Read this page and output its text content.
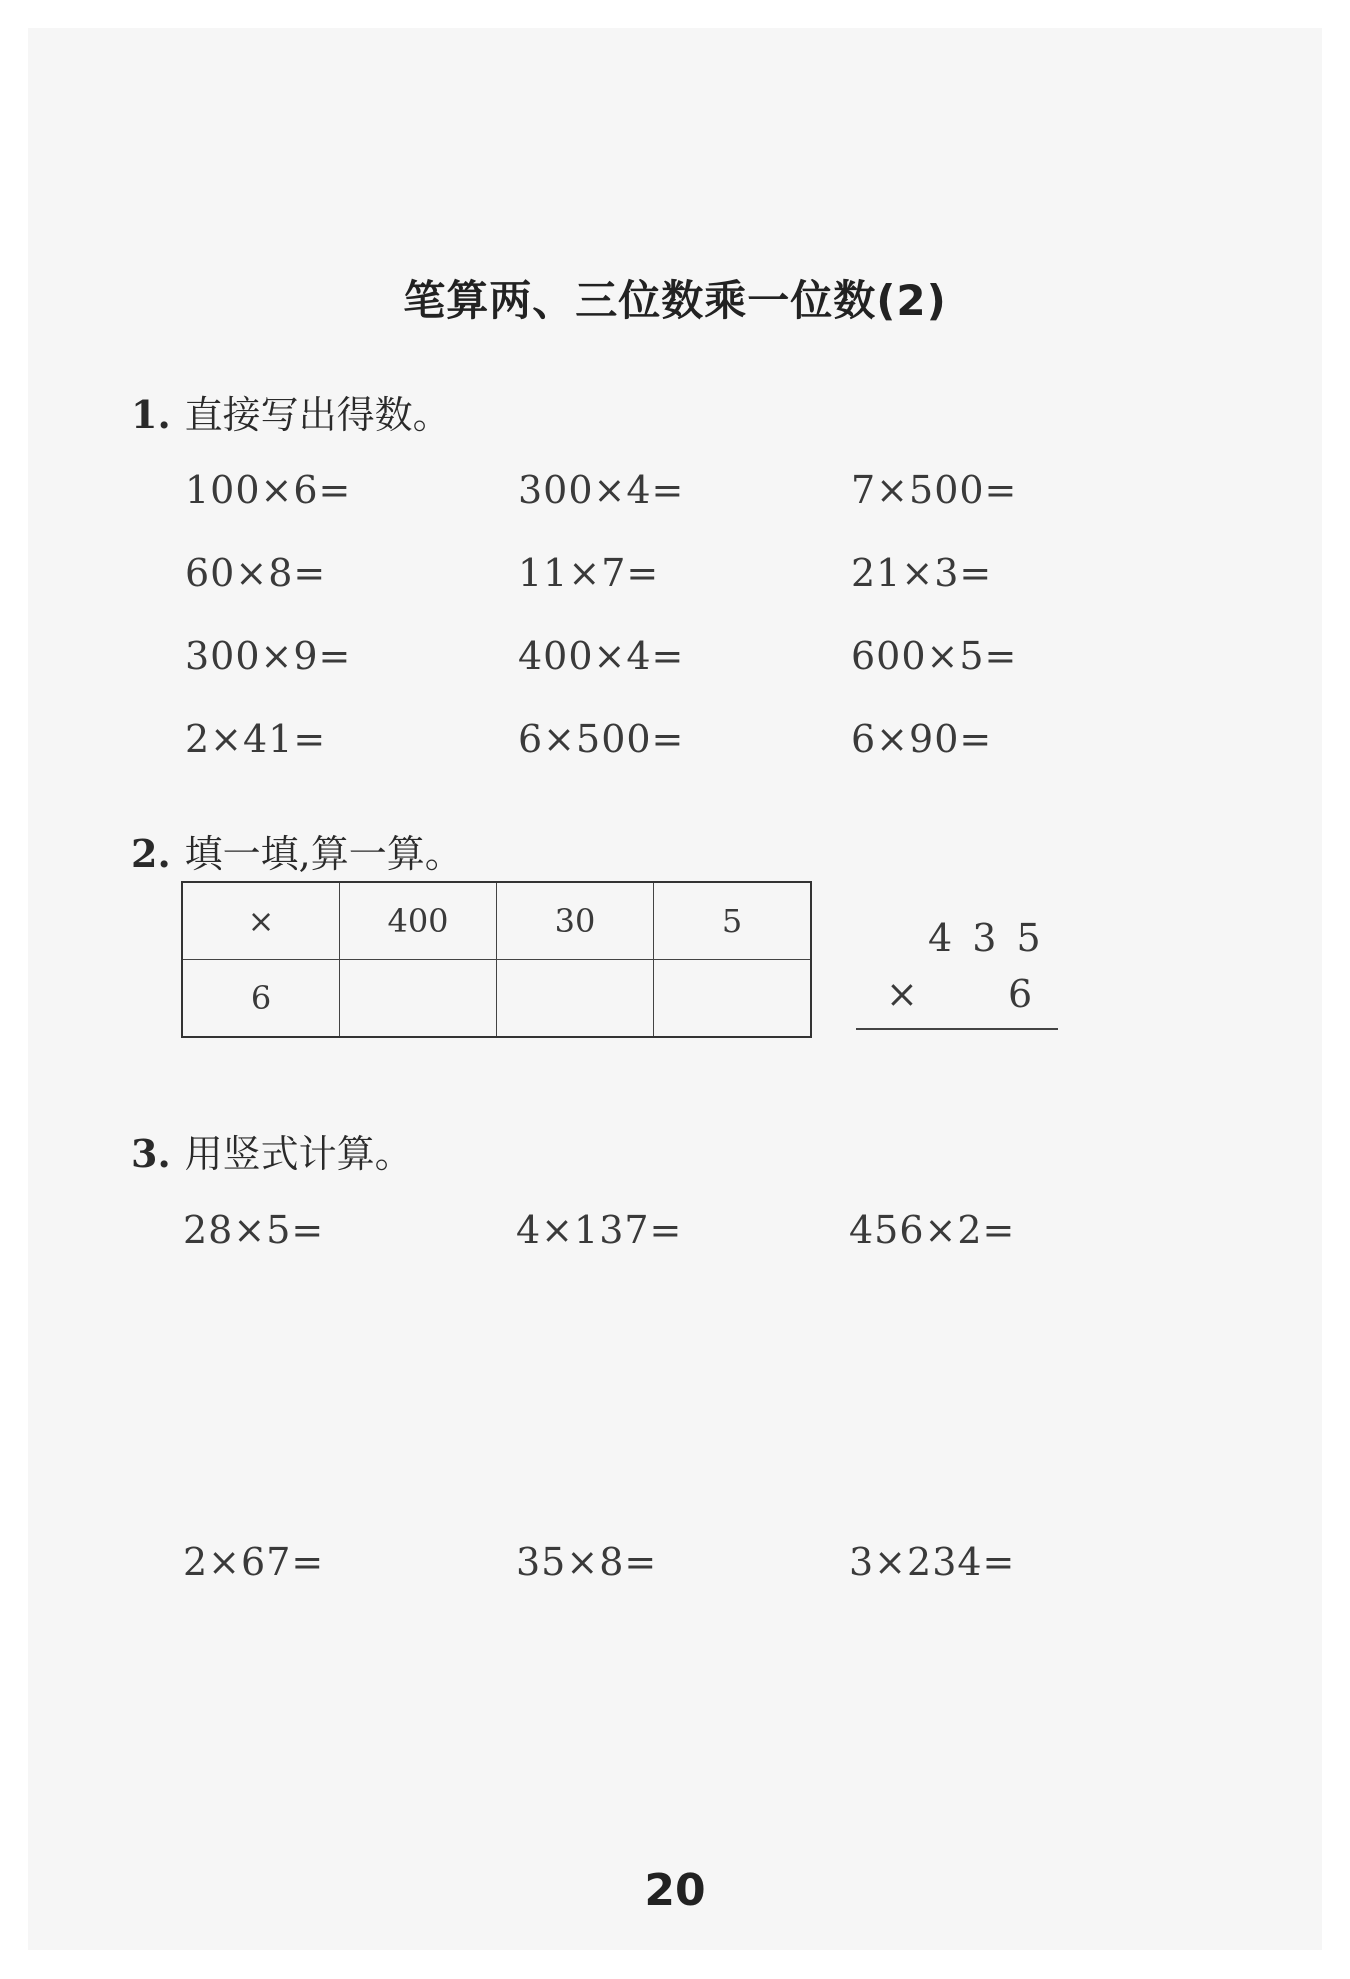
笔算两、三位数乘一位数(2)
1. 直接写出得数。
100×6=	300×4=	7×500=
60×8=	11×7=	21×3=
300×9=	400×4=	600×5=
2×41=	6×500=	6×90=
2. 填一填,算一算。
×	400	30	5
6			
4 3 5
× 6
3. 用竖式计算。
28×5=	4×137=	456×2=
2×67=	35×8=	3×234=
20
